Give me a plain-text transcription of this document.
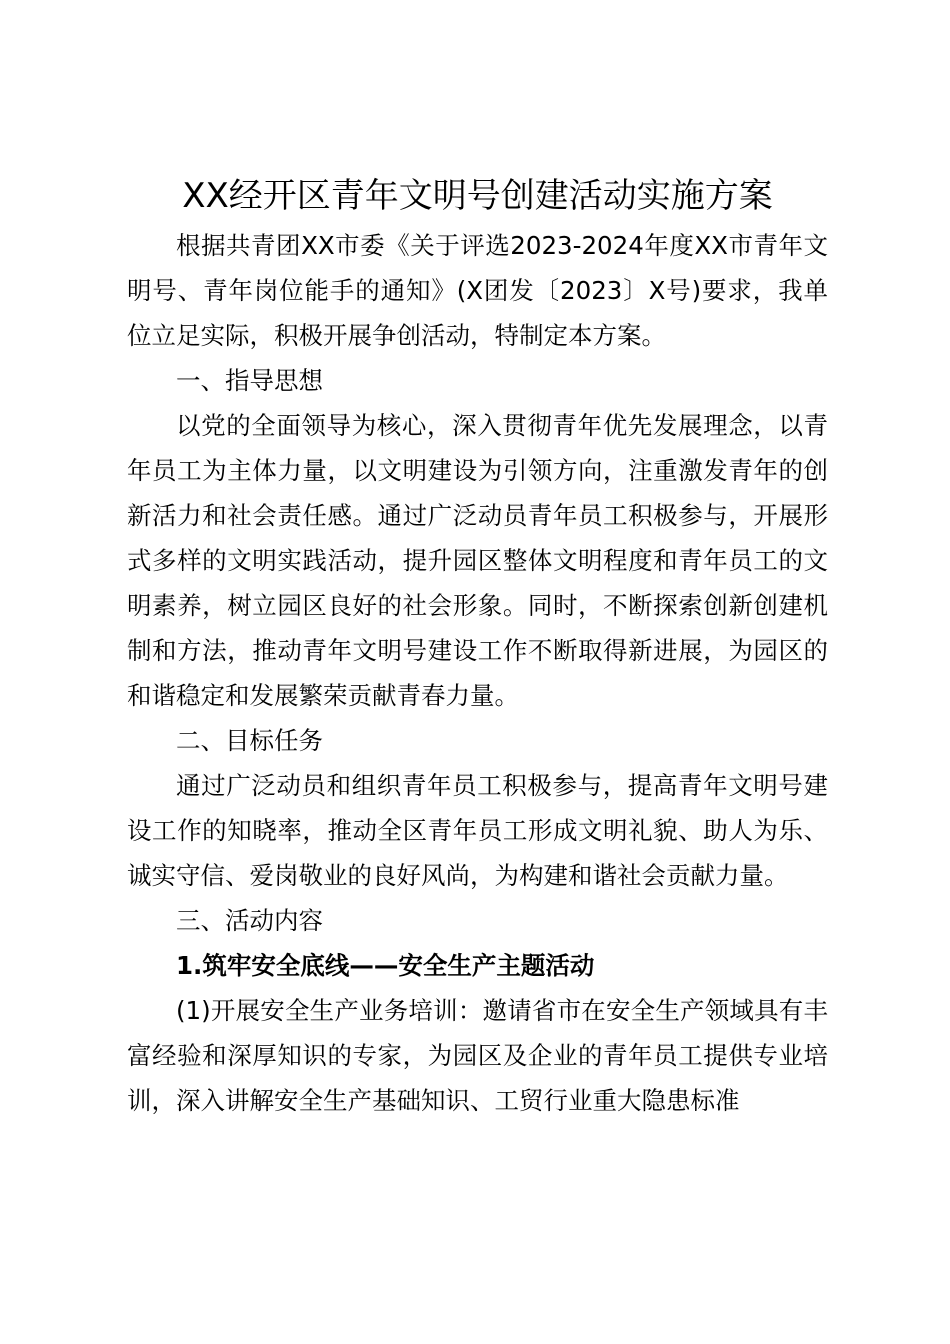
XX经开区青年文明号创建活动实施方案

根据共青团XX市委《关于评选2023-2024年度XX市青年文明号、青年岗位能手的通知》(X团发〔2023〕X号)要求，我单位立足实际，积极开展争创活动，特制定本方案。

一、指导思想

以党的全面领导为核心，深入贯彻青年优先发展理念，以青年员工为主体力量，以文明建设为引领方向，注重激发青年的创新活力和社会责任感。通过广泛动员青年员工积极参与，开展形式多样的文明实践活动，提升园区整体文明程度和青年员工的文明素养，树立园区良好的社会形象。同时，不断探索创新创建机制和方法，推动青年文明号建设工作不断取得新进展，为园区的和谐稳定和发展繁荣贡献青春力量。

二、目标任务

通过广泛动员和组织青年员工积极参与，提高青年文明号建设工作的知晓率，推动全区青年员工形成文明礼貌、助人为乐、诚实守信、爱岗敬业的良好风尚，为构建和谐社会贡献力量。

三、活动内容

1.筑牢安全底线——安全生产主题活动

(1)开展安全生产业务培训：邀请省市在安全生产领域具有丰富经验和深厚知识的专家，为园区及企业的青年员工提供专业培训，深入讲解安全生产基础知识、工贸行业重大隐患标准
